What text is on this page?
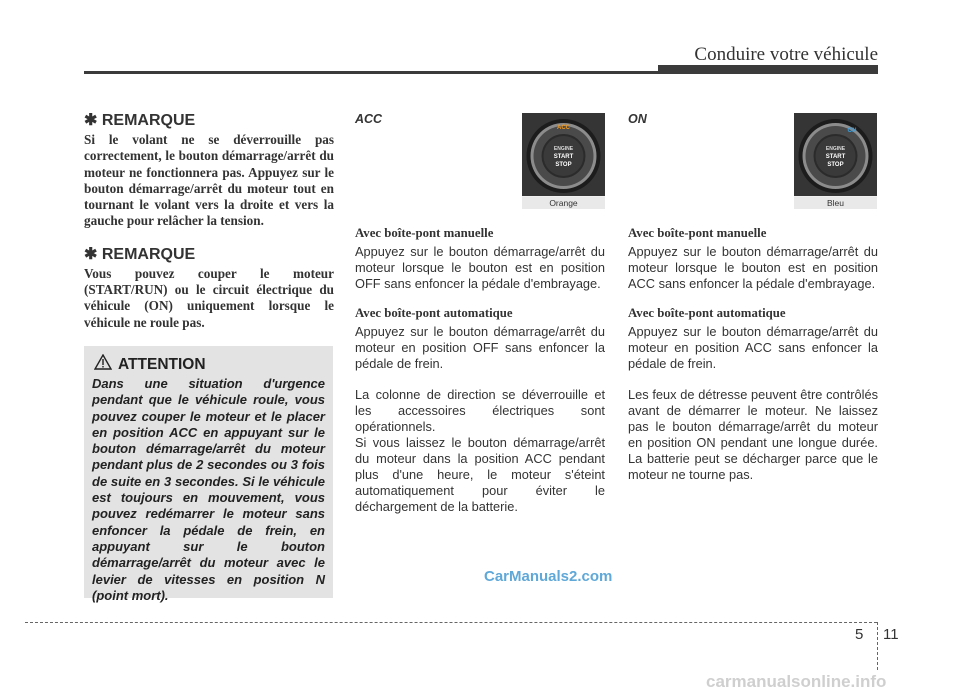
Conduire votre véhicule
✱ REMARQUE

Si le volant ne se déverrouille pas correctement, le bouton démarrage/arrêt du moteur ne fonctionnera pas. Appuyez sur le bouton démarrage/arrêt du moteur tout en tournant le volant vers la droite et vers la gauche pour relâcher la tension.

✱ REMARQUE

Vous pouvez couper le moteur (START/RUN) ou le circuit électrique du véhicule (ON) uniquement lorsque le véhicule ne roule pas.

ATTENTION
Dans une situation d'urgence pendant que le véhicule roule, vous pouvez couper le moteur et le placer en position ACC en appuyant sur le bouton démarrage/arrêt du moteur pendant plus de 2 secondes ou 3 fois de suite en 3 secondes. Si le véhicule est toujours en mouvement, vous pouvez redémarrer le moteur sans enfoncer la pédale de frein, en appuyant sur le bouton démarrage/arrêt du moteur avec le levier de vitesses en position N (point mort).
ACC
Avec boîte-pont manuelle

Appuyez sur le bouton démarrage/arrêt du moteur lorsque le bouton est en position OFF sans enfoncer la pédale d'embrayage.

Avec boîte-pont automatique

Appuyez sur le bouton démarrage/arrêt du moteur en position OFF sans enfoncer la pédale de frein.

La colonne de direction se déverrouille et les accessoires électriques sont opérationnels.

Si vous laissez le bouton démarrage/arrêt du moteur dans la position ACC pendant plus d'une heure, le moteur s'éteint automatiquement pour éviter le déchargement de la batterie.

ACC
ENGINE
START
STOP
Orange
ON
Avec boîte-pont manuelle

Appuyez sur le bouton démarrage/arrêt du moteur lorsque le bouton est en position ACC sans enfoncer la pédale d'embrayage.

Avec boîte-pont automatique

Appuyez sur le bouton démarrage/arrêt du moteur en position ACC sans enfoncer la pédale de frein.

Les feux de détresse peuvent être contrôlés avant de démarrer le moteur. Ne laissez pas le bouton démarrage/arrêt du moteur en position ON pendant une longue durée. La batterie peut se décharger parce que le moteur ne tourne pas.

ON
ENGINE
START
STOP
Bleu
CarManuals2.com
5 11
carmanualsonline.info
